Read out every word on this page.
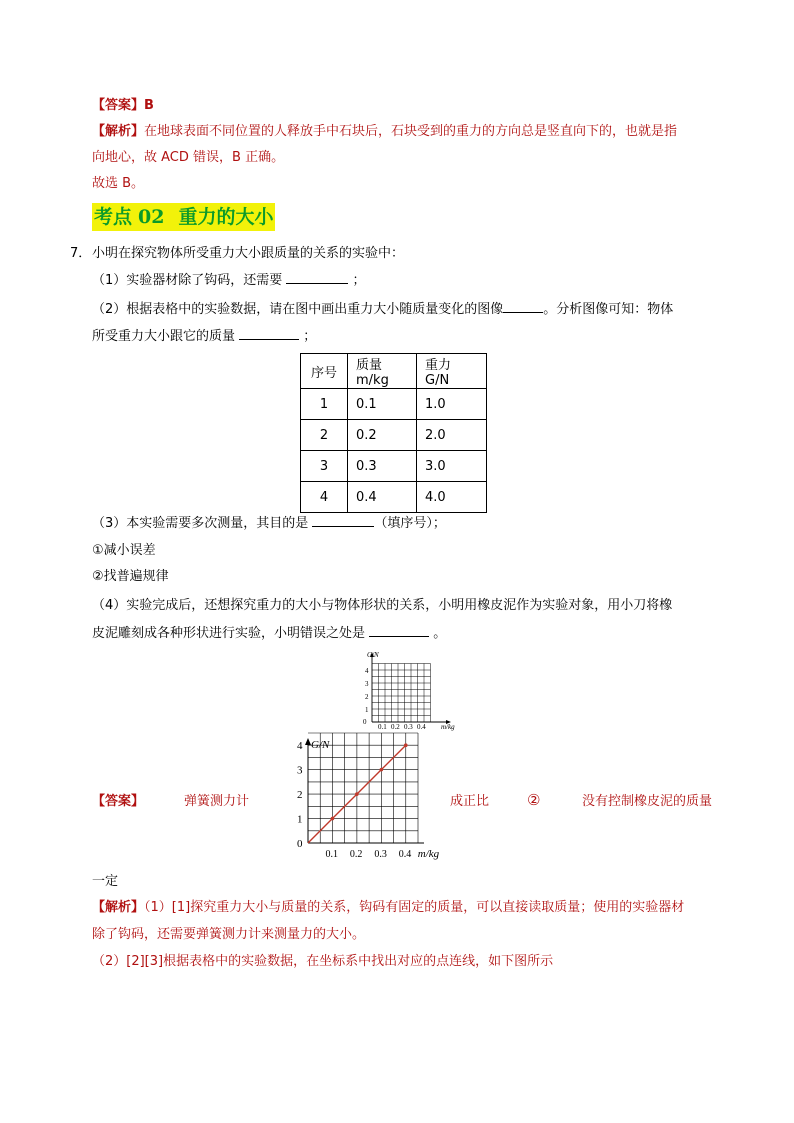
【答案】B
【解析】在地球表面不同位置的人释放手中石块后，石块受到的重力的方向总是竖直向下的，也就是指
向地心，故 ACD 错误，B 正确。
故选 B。
考点 02 重力的大小
7． 小明在探究物体所受重力大小跟质量的关系的实验中：
（1）实验器材除了钩码，还需要	；
（2）根据表格中的实验数据，请在图中画出重力大小随质量变化的图像	。分析图像可知：物体
所受重力大小跟它的质量	；
序号	质量m/kg	重力 G/N
1	0.1	1.0
2	0.2	2.0
3	0.3	3.0
4	0.4	4.0
（3）本实验需要多次测量，其目的是	（填序号）；
①减小误差
②找普遍规律
（4）实验完成后，还想探究重力的大小与物体形状的关系，小明用橡皮泥作为实验对象，用小刀将橡
皮泥雕刻成各种形状进行实验，小明错误之处是	。
G/N
m/kg
0
1
2
3
4
0.1 0.2 0.3 0.4
【答案】	弹簧测力计	成正比	②	没有控制橡皮泥的质量
一定
0
1
2
3
4
0.1 0.2 0.3 0.4
G/N
m/kg
【解析】（1）[1]探究重力大小与质量的关系，钩码有固定的质量，可以直接读取质量；使用的实验器材
除了钩码，还需要弹簧测力计来测量力的大小。
（2）[2][3]根据表格中的实验数据，在坐标系中找出对应的点连线，如下图所示
